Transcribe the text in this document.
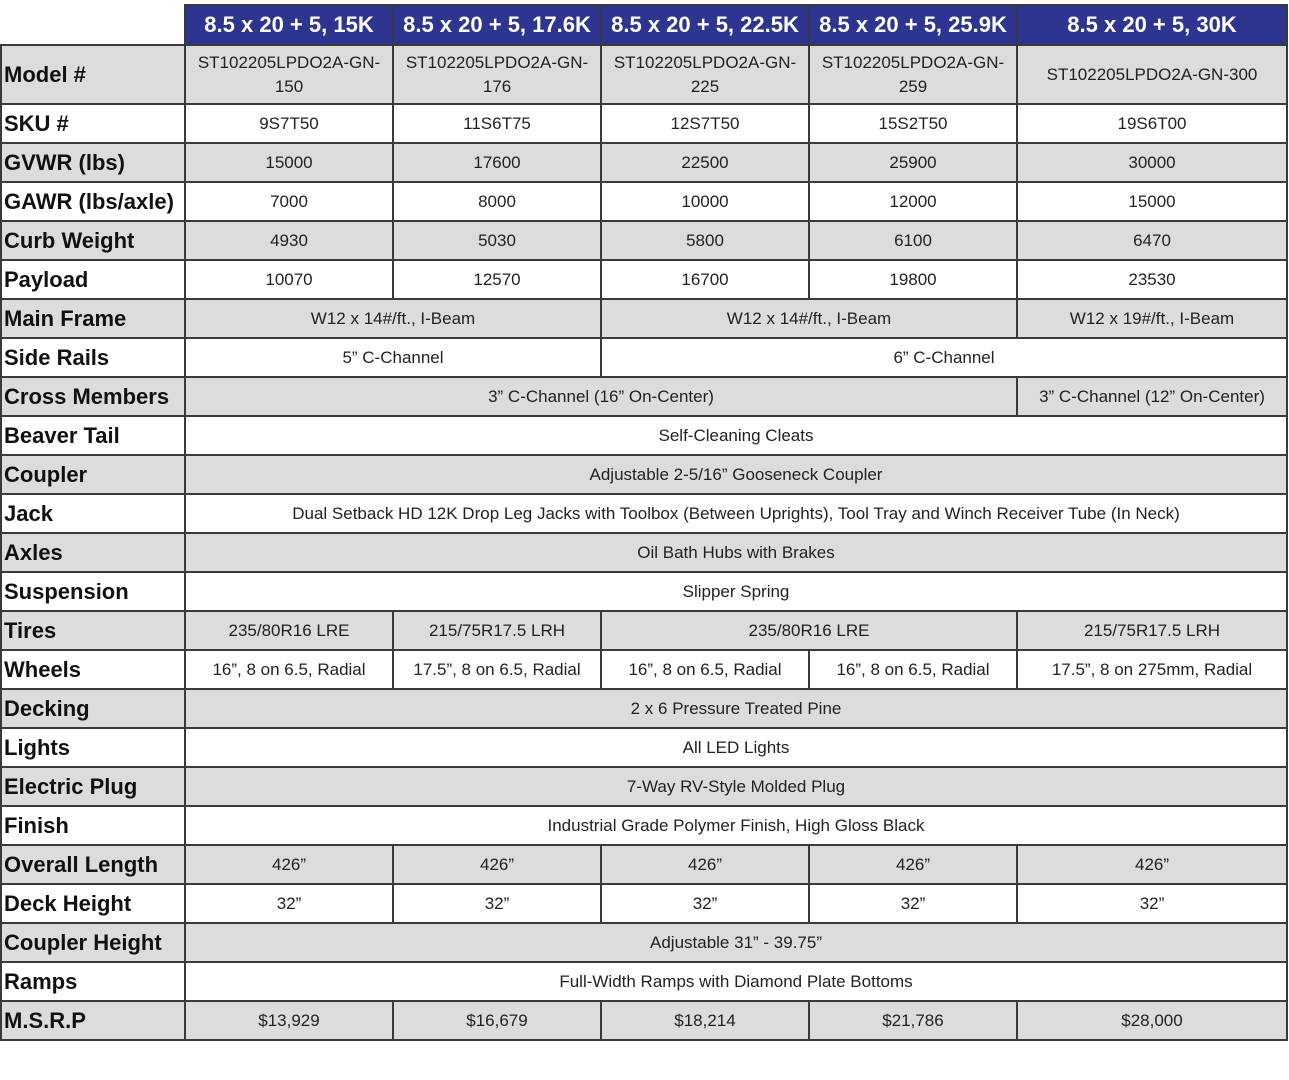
	8.5 x 20 + 5, 15K	8.5 x 20 + 5, 17.6K	8.5 x 20 + 5, 22.5K	8.5 x 20 + 5, 25.9K	8.5 x 20 + 5, 30K
Model #	ST102205LPDO2A-GN-150	ST102205LPDO2A-GN-176	ST102205LPDO2A-GN-225	ST102205LPDO2A-GN-259	ST102205LPDO2A-GN-300
SKU #	9S7T50	11S6T75	12S7T50	15S2T50	19S6T00
GVWR (lbs)	15000	17600	22500	25900	30000
GAWR (lbs/axle)	7000	8000	10000	12000	15000
Curb Weight	4930	5030	5800	6100	6470
Payload	10070	12570	16700	19800	23530
Main Frame	W12 x 14#/ft., I-Beam		W12 x 14#/ft., I-Beam		W12 x 19#/ft., I-Beam
Side Rails	5” C-Channel		6” C-Channel		
Cross Members	3” C-Channel (16” On-Center)				3” C-Channel (12” On-Center)
Beaver Tail	Self-Cleaning Cleats				
Coupler	Adjustable 2-5/16” Gooseneck Coupler				
Jack	Dual Setback HD 12K Drop Leg Jacks with Toolbox (Between Uprights), Tool Tray and Winch Receiver Tube (In Neck)				
Axles	Oil Bath Hubs with Brakes				
Suspension	Slipper Spring				
Tires	235/80R16 LRE	215/75R17.5 LRH	235/80R16 LRE		215/75R17.5 LRH
Wheels	16”, 8 on 6.5, Radial	17.5”, 8 on 6.5, Radial	16”, 8 on 6.5, Radial	16”, 8 on 6.5, Radial	17.5”, 8 on 275mm, Radial
Decking	2 x 6 Pressure Treated Pine				
Lights	All LED Lights				
Electric Plug	7-Way RV-Style Molded Plug				
Finish	Industrial Grade Polymer Finish, High Gloss Black				
Overall Length	426”	426”	426”	426”	426”
Deck Height	32”	32”	32”	32”	32”
Coupler Height	Adjustable 31” - 39.75”				
Ramps	Full-Width Ramps with Diamond Plate Bottoms				
M.S.R.P	$13,929	$16,679	$18,214	$21,786	$28,000
